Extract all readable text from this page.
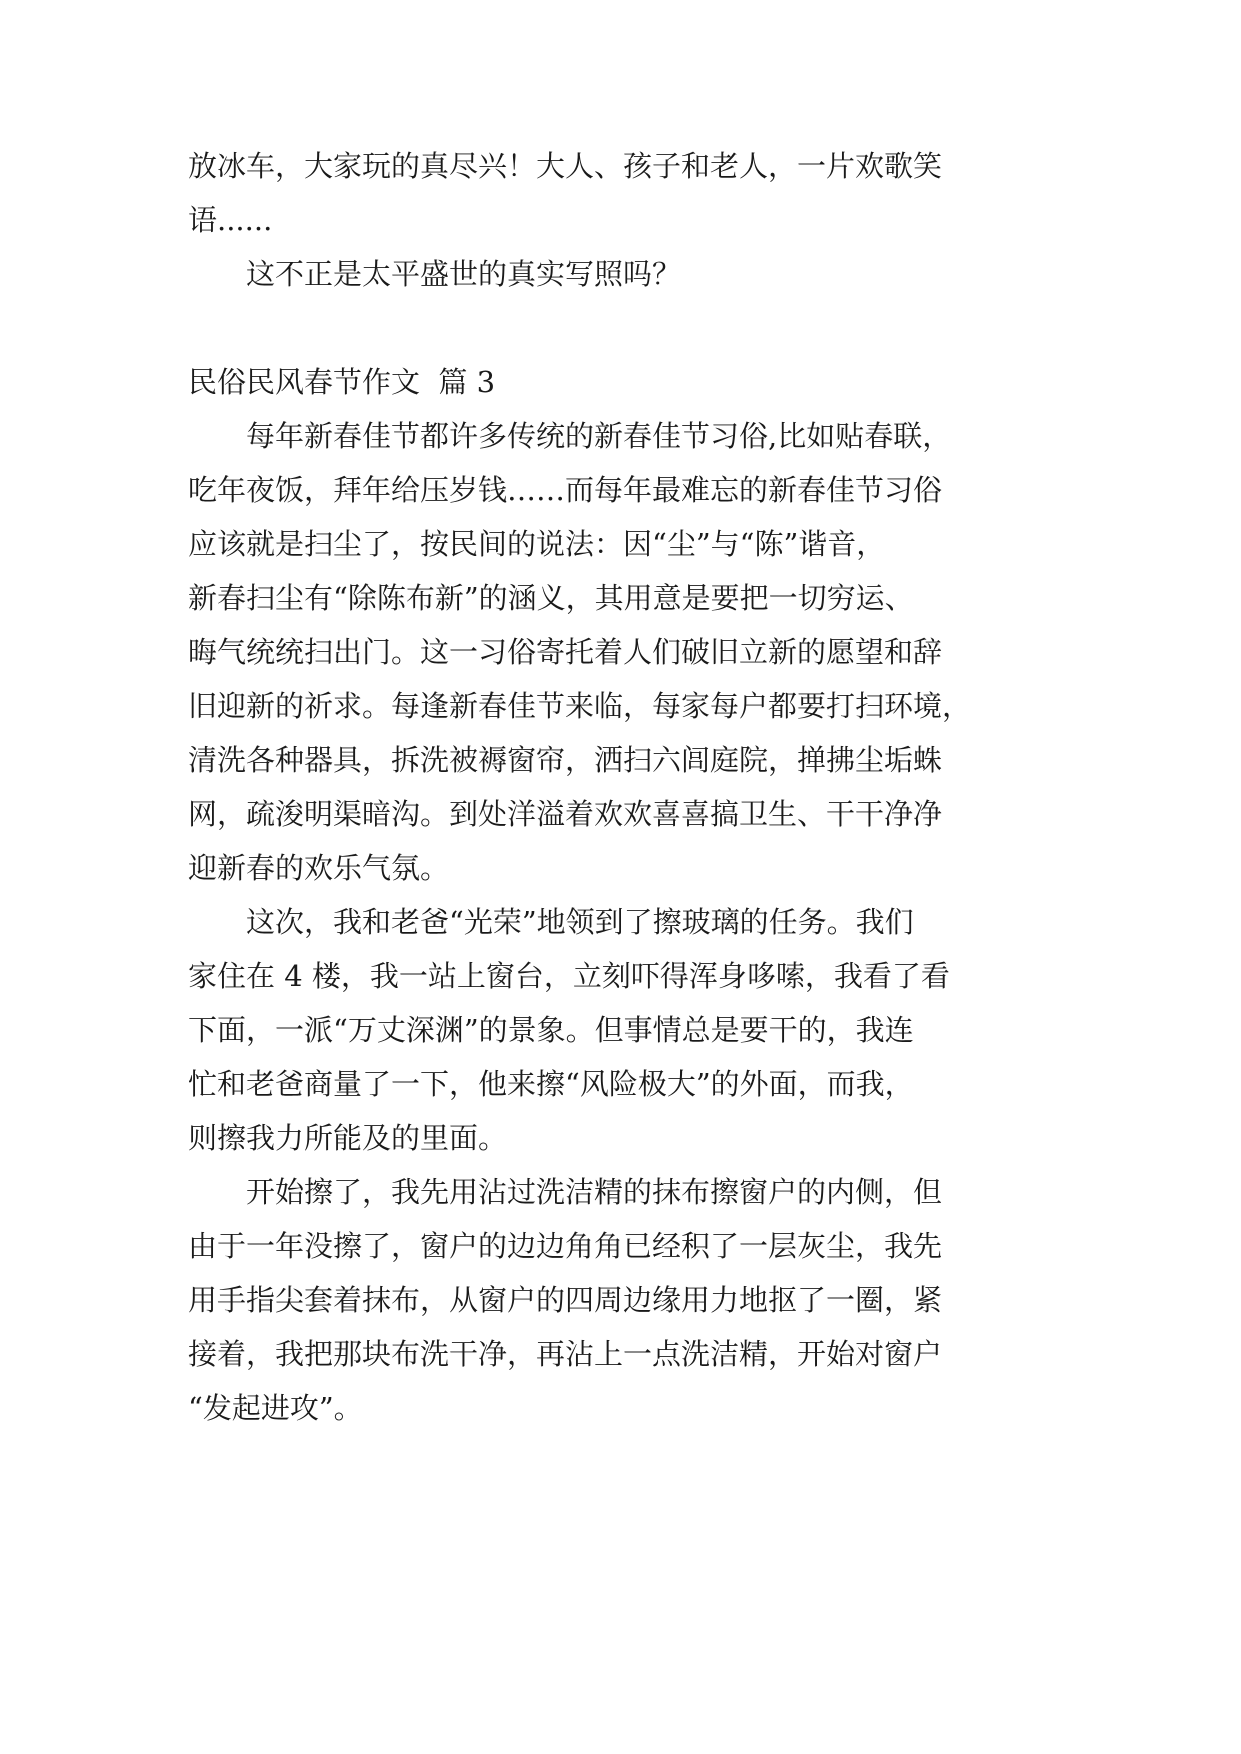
放冰车，大家玩的真尽兴！大人、孩子和老人，一片欢歌笑

语......

　　这不正是太平盛世的真实写照吗？

民俗民风春节作文  篇 3

　　每年新春佳节都许多传统的新春佳节习俗,比如贴春联，

吃年夜饭，拜年给压岁钱……而每年最难忘的新春佳节习俗

应该就是扫尘了，按民间的说法：因“尘”与“陈”谐音，

新春扫尘有“除陈布新”的涵义，其用意是要把一切穷运、

晦气统统扫出门。这一习俗寄托着人们破旧立新的愿望和辞

旧迎新的祈求。每逢新春佳节来临，每家每户都要打扫环境，

清洗各种器具，拆洗被褥窗帘，洒扫六闾庭院，掸拂尘垢蛛

网，疏浚明渠暗沟。到处洋溢着欢欢喜喜搞卫生、干干净净

迎新春的欢乐气氛。

　　这次，我和老爸“光荣”地领到了擦玻璃的任务。我们

家住在 4 楼，我一站上窗台，立刻吓得浑身哆嗦，我看了看

下面，一派“万丈深渊”的景象。但事情总是要干的，我连

忙和老爸商量了一下，他来擦“风险极大”的外面，而我，

则擦我力所能及的里面。

　　开始擦了，我先用沾过洗洁精的抹布擦窗户的内侧，但

由于一年没擦了，窗户的边边角角已经积了一层灰尘，我先

用手指尖套着抹布，从窗户的四周边缘用力地抠了一圈，紧

接着，我把那块布洗干净，再沾上一点洗洁精，开始对窗户

“发起进攻”。
